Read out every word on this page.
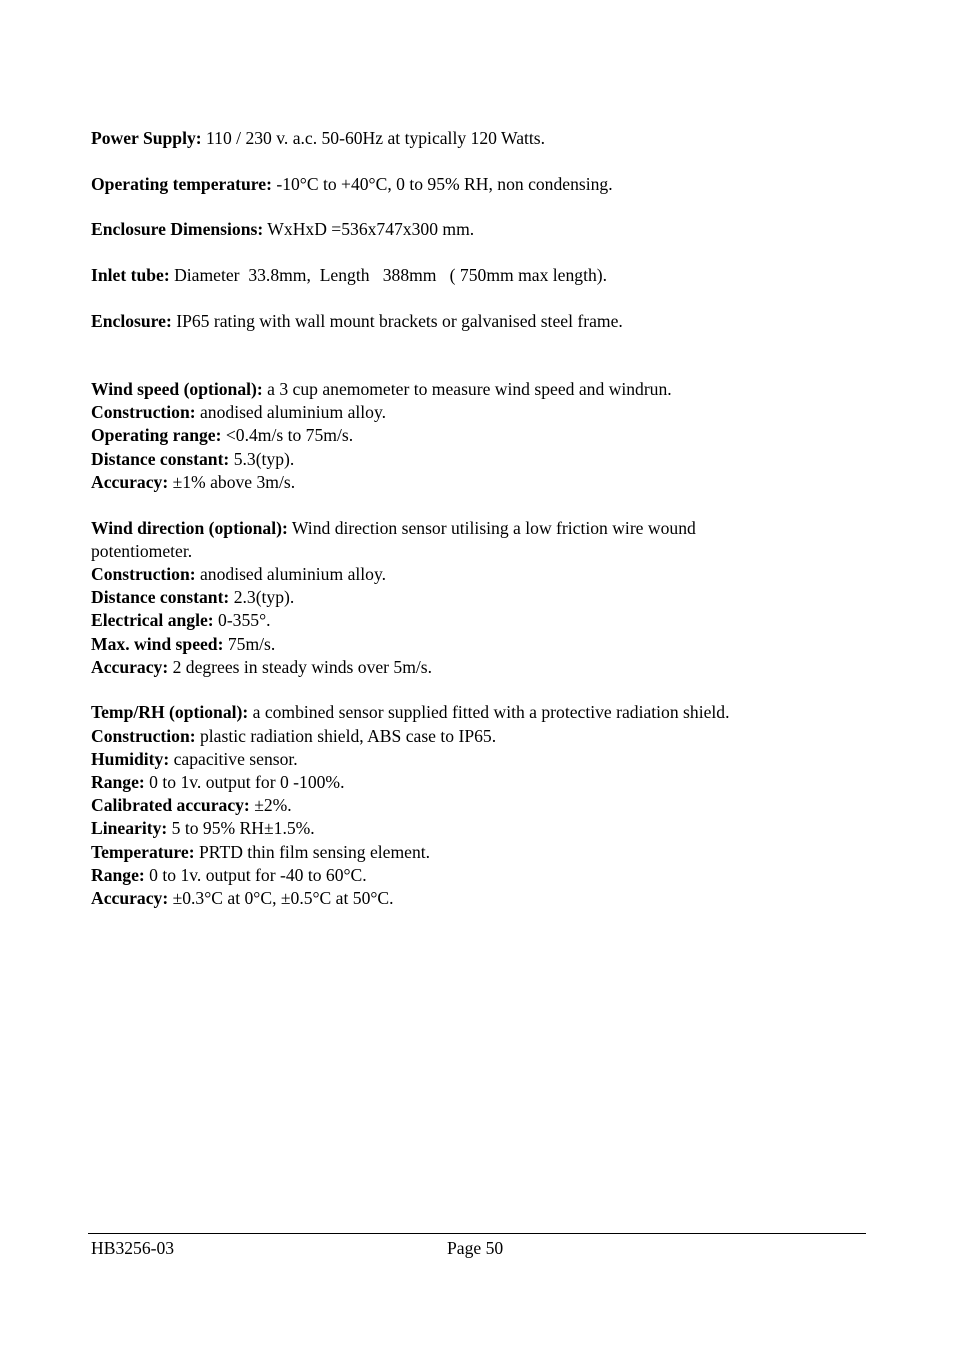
Power Supply: 110 / 230 v. a.c. 50-60Hz at typically 120 Watts.

Operating temperature: -10°C to +40°C, 0 to 95% RH, non condensing.

Enclosure Dimensions: WxHxD =536x747x300 mm.

Inlet tube: Diameter  33.8mm,  Length   388mm   ( 750mm max length).

Enclosure: IP65 rating with wall mount brackets or galvanised steel frame.

Wind speed (optional): a 3 cup anemometer to measure wind speed and windrun.

Construction: anodised aluminium alloy.

Operating range: <0.4m/s to 75m/s.

Distance constant: 5.3(typ).

Accuracy: ±1% above 3m/s.

Wind direction (optional): Wind direction sensor utilising a low friction wire wound

potentiometer.

Construction: anodised aluminium alloy.

Distance constant: 2.3(typ).

Electrical angle: 0-355°.

Max. wind speed: 75m/s.

Accuracy: 2 degrees in steady winds over 5m/s.

Temp/RH (optional): a combined sensor supplied fitted with a protective radiation shield.

Construction: plastic radiation shield, ABS case to IP65.

Humidity: capacitive sensor.

Range: 0 to 1v. output for 0 -100%.

Calibrated accuracy: ±2%.

Linearity: 5 to 95% RH±1.5%.

Temperature: PRTD thin film sensing element.

Range: 0 to 1v. output for -40 to 60°C.

Accuracy: ±0.3°C at 0°C, ±0.5°C at 50°C.

HB3256-03	Page 50
